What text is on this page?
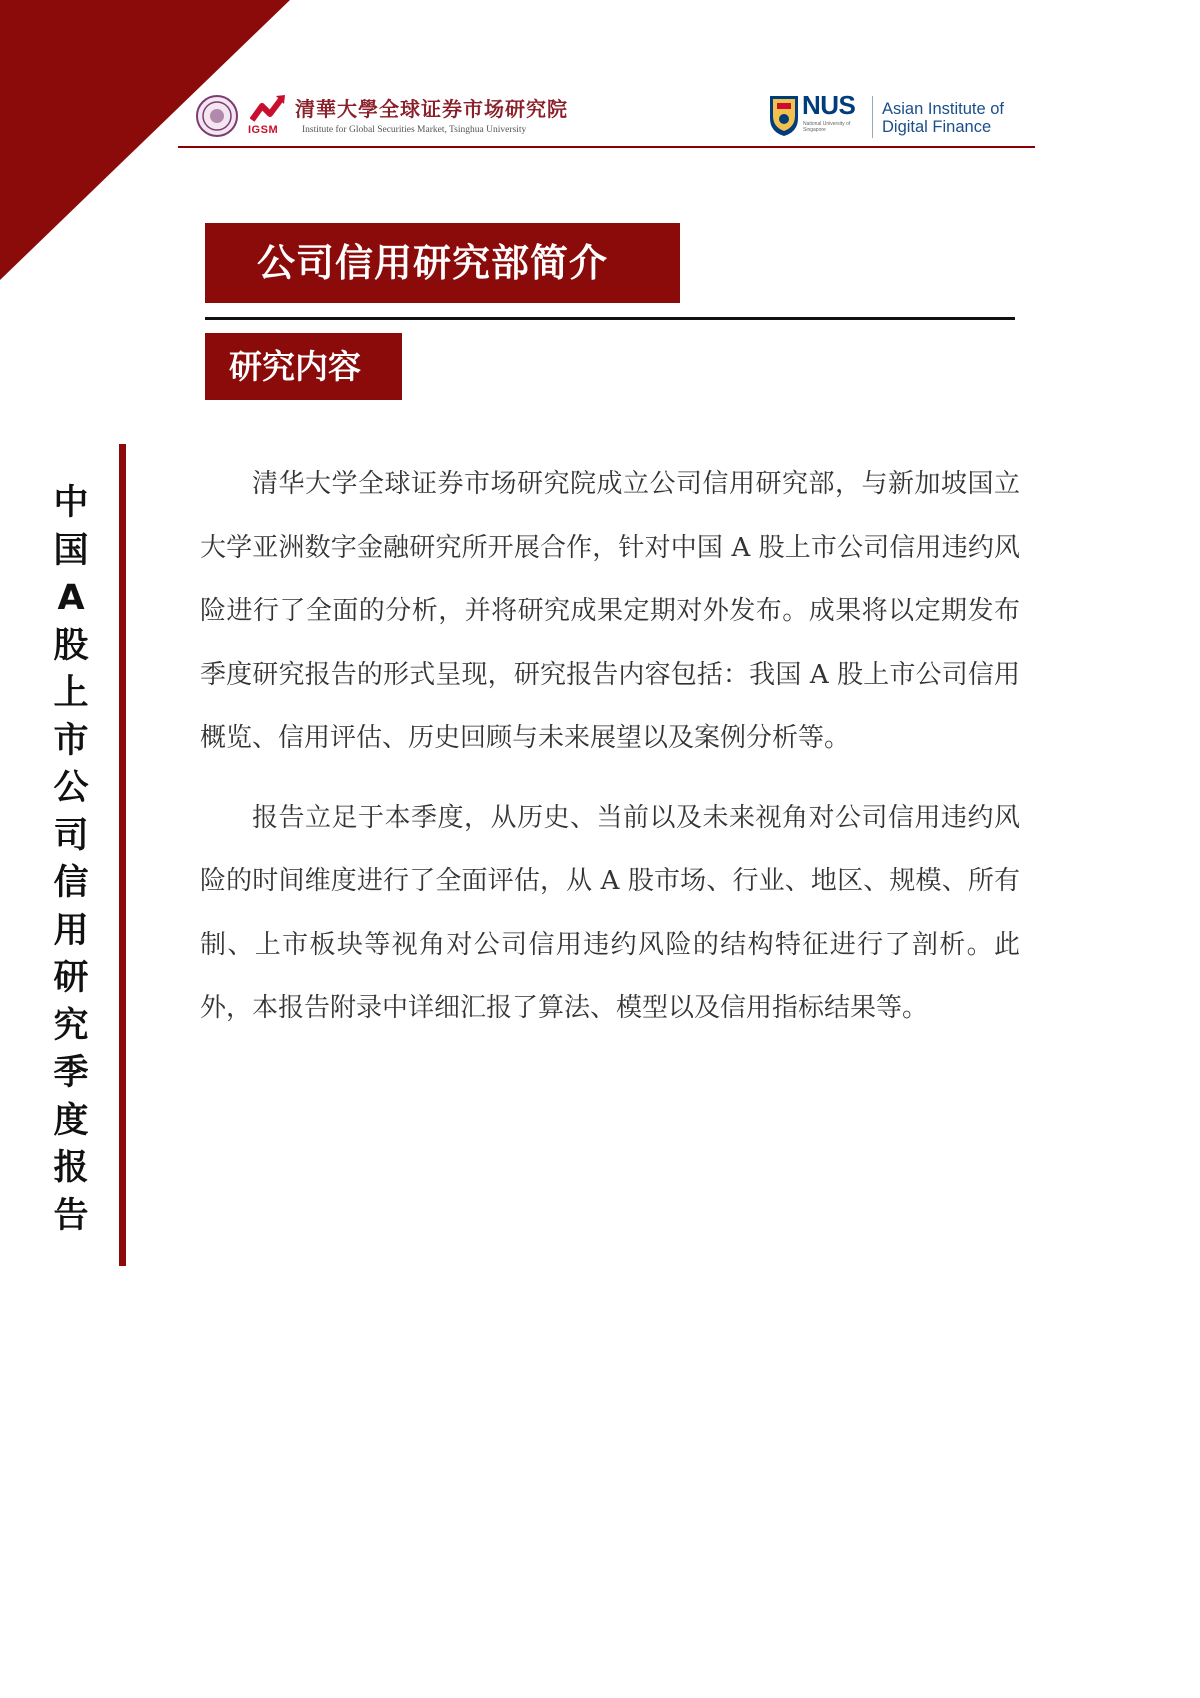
IGSM
清華大學全球证券市场研究院
Institute for Global Securities Market, Tsinghua University
NUS
National University of Singapore
Asian Institute of
Digital Finance
公司信用研究部简介
研究内容
中
国
A
股
上
市
公
司
信
用
研
究
季
度
报
告

清华大学全球证券市场研究院成立公司信用研究部，与新加坡国立大学亚洲数字金融研究所开展合作，针对中国 A 股上市公司信用违约风险进行了全面的分析，并将研究成果定期对外发布。成果将以定期发布季度研究报告的形式呈现，研究报告内容包括：我国 A 股上市公司信用概览、信用评估、历史回顾与未来展望以及案例分析等。

报告立足于本季度，从历史、当前以及未来视角对公司信用违约风险的时间维度进行了全面评估，从 A 股市场、行业、地区、规模、所有制、上市板块等视角对公司信用违约风险的结构特征进行了剖析。此外，本报告附录中详细汇报了算法、模型以及信用指标结果等。
